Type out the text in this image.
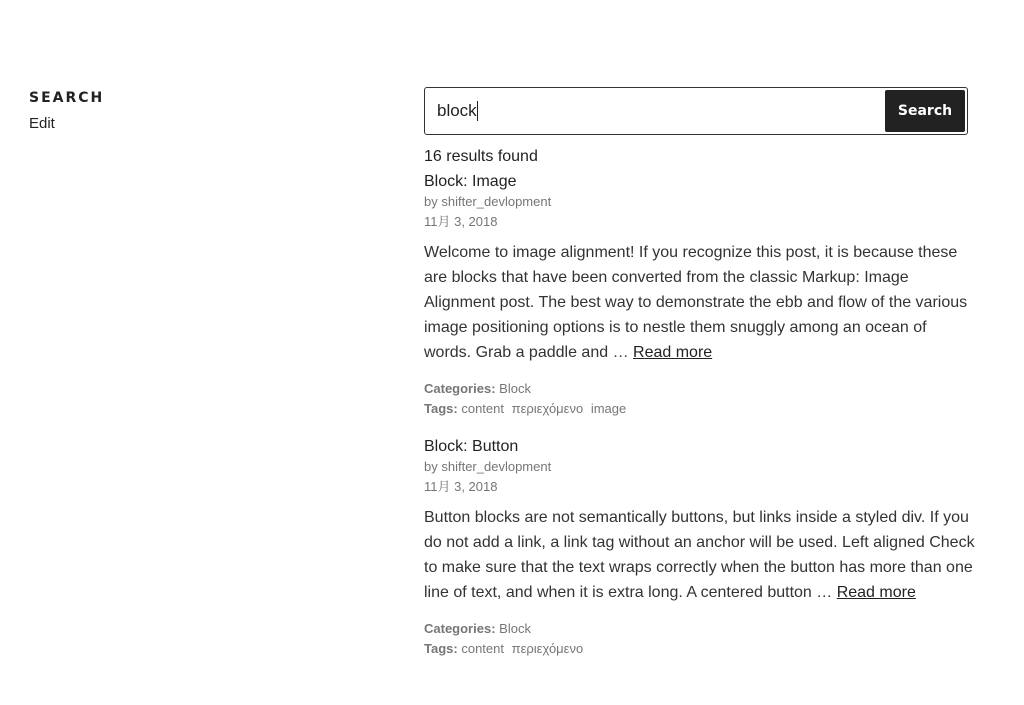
SEARCH
Edit
block	Search
16 results found
Block: Image
by shifter_devlopment
11月 3, 2018
Welcome to image alignment! If you recognize this post, it is because these are blocks that have been converted from the classic Markup: Image Alignment post. The best way to demonstrate the ebb and flow of the various image positioning options is to nestle them snuggly among an ocean of words. Grab a paddle and … Read more
Categories: Block
Tags: content περιεχόμενο image
Block: Button
by shifter_devlopment
11月 3, 2018
Button blocks are not semantically buttons, but links inside a styled div. If you do not add a link, a link tag without an anchor will be used. Left aligned Check to make sure that the text wraps correctly when the button has more than one line of text, and when it is extra long. A centered button … Read more
Categories: Block
Tags: content περιεχόμενο
